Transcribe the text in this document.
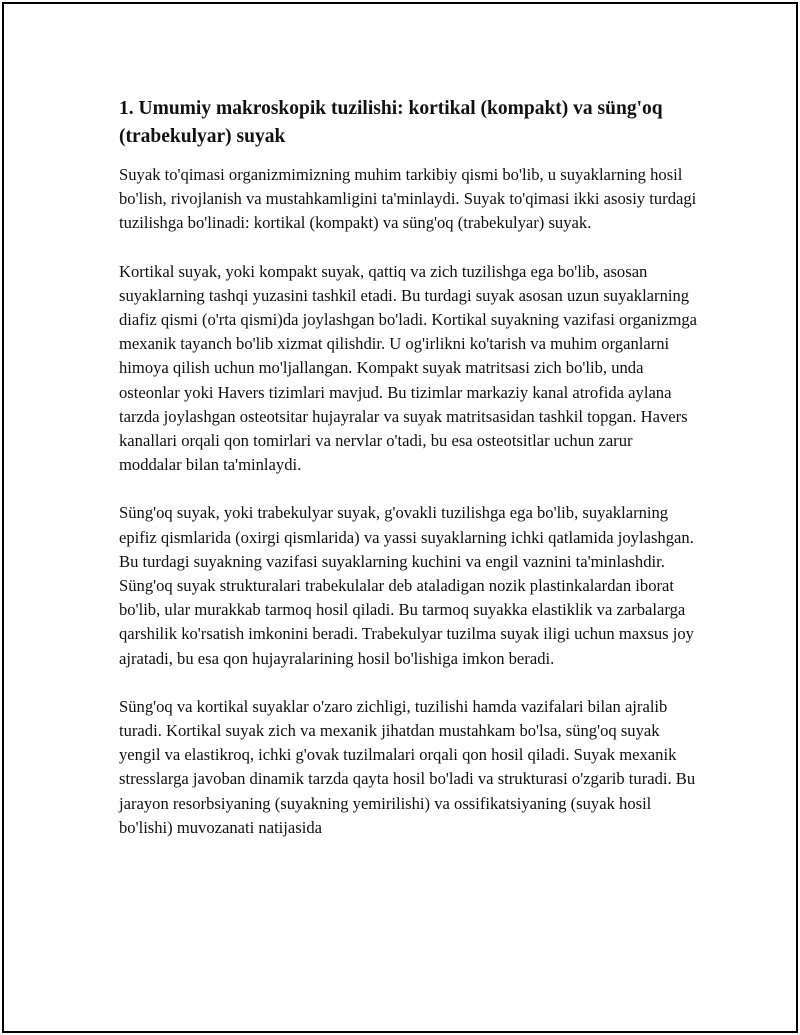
1. Umumiy makroskopik tuzilishi: kortikal (kompakt) va süng'oq (trabekulyar) suyak

Suyak to'qimasi organizmimizning muhim tarkibiy qismi bo'lib, u suyaklarning hosil bo'lish, rivojlanish va mustahkamligini ta'minlaydi. Suyak to'qimasi ikki asosiy turdagi tuzilishga bo'linadi: kortikal (kompakt) va süng'oq (trabekulyar) suyak.

Kortikal suyak, yoki kompakt suyak, qattiq va zich tuzilishga ega bo'lib, asosan suyaklarning tashqi yuzasini tashkil etadi. Bu turdagi suyak asosan uzun suyaklarning diafiz qismi (o'rta qismi)da joylashgan bo'ladi. Kortikal suyakning vazifasi organizmga mexanik tayanch bo'lib xizmat qilishdir. U og'irlikni ko'tarish va muhim organlarni himoya qilish uchun mo'ljallangan. Kompakt suyak matritsasi zich bo'lib, unda osteonlar yoki Havers tizimlari mavjud. Bu tizimlar markaziy kanal atrofida aylana tarzda joylashgan osteotsitar hujayralar va suyak matritsasidan tashkil topgan. Havers kanallari orqali qon tomirlari va nervlar o'tadi, bu esa osteotsitlar uchun zarur moddalar bilan ta'minlaydi.

Süng'oq suyak, yoki trabekulyar suyak, g'ovakli tuzilishga ega bo'lib, suyaklarning epifiz qismlarida (oxirgi qismlarida) va yassi suyaklarning ichki qatlamida joylashgan. Bu turdagi suyakning vazifasi suyaklarning kuchini va engil vaznini ta'minlashdir. Süng'oq suyak strukturalari trabekulalar deb ataladigan nozik plastinkalardan iborat bo'lib, ular murakkab tarmoq hosil qiladi. Bu tarmoq suyakka elastiklik va zarbalarga qarshilik ko'rsatish imkonini beradi. Trabekulyar tuzilma suyak iligi uchun maxsus joy ajratadi, bu esa qon hujayralarining hosil bo'lishiga imkon beradi.

Süng'oq va kortikal suyaklar o'zaro zichligi, tuzilishi hamda vazifalari bilan ajralib turadi. Kortikal suyak zich va mexanik jihatdan mustahkam bo'lsa, süng'oq suyak yengil va elastikroq, ichki g'ovak tuzilmalari orqali qon hosil qiladi. Suyak mexanik stresslarga javoban dinamik tarzda qayta hosil bo'ladi va strukturasi o'zgarib turadi. Bu jarayon resorbsiyaning (suyakning yemirilishi) va ossifikatsiyaning (suyak hosil bo'lishi) muvozanati natijasida
